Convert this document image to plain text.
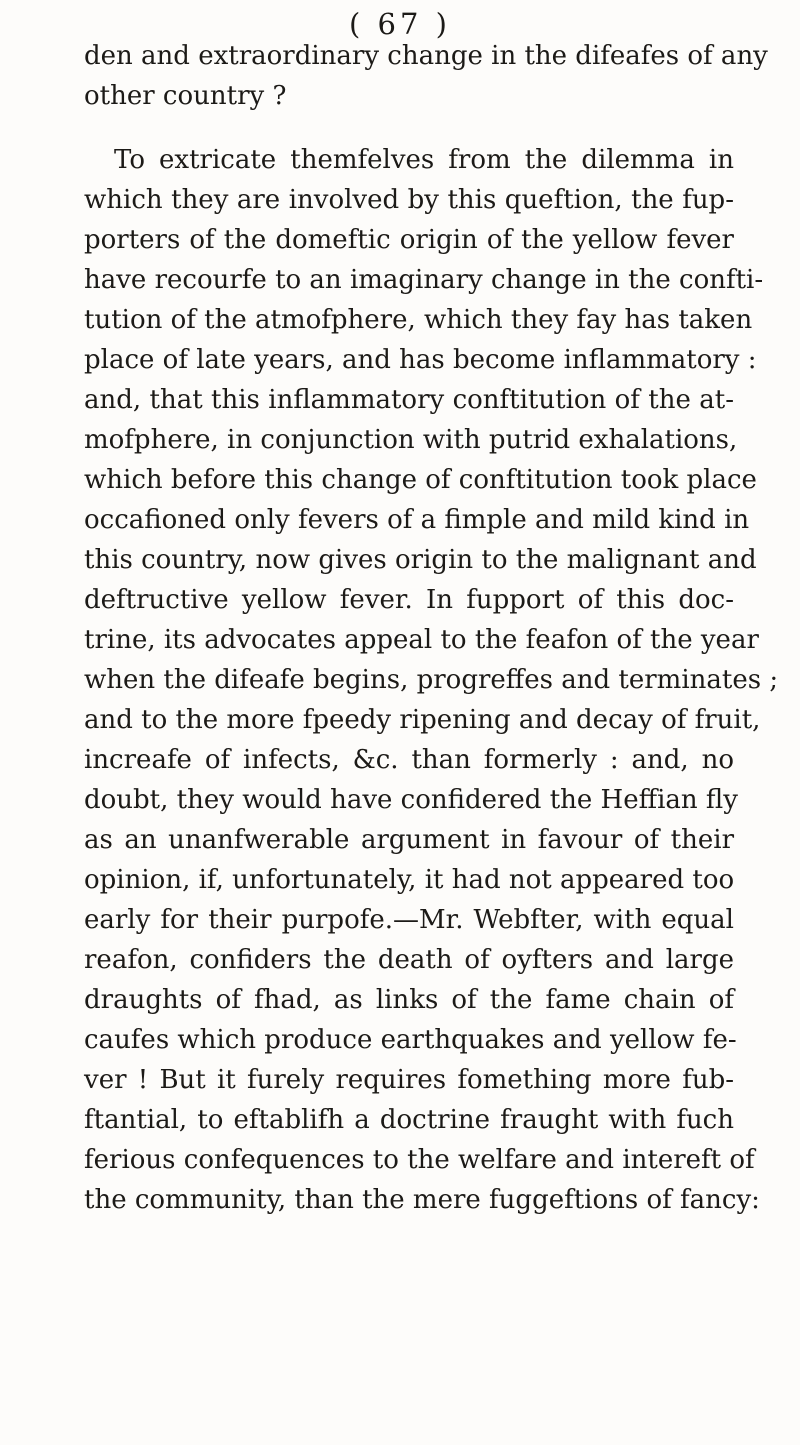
( 67 )
den and extraordinary change in the difeafes of any
other country ?
To extricate themfelves from the dilemma in
which they are involved by this queftion, the fup-
porters of the domeftic origin of the yellow fever
have recourfe to an imaginary change in the confti-
tution of the atmofphere, which they fay has taken
place of late years, and has become inflammatory :
and, that this inflammatory conftitution of the at-
mofphere, in conjunction with putrid exhalations,
which before this change of conftitution took place
occafioned only fevers of a fimple and mild kind in
this country, now gives origin to the malignant and
deftructive yellow fever. In fupport of this doc-
trine, its advocates appeal to the feafon of the year
when the difeafe begins, progreffes and terminates ;
and to the more fpeedy ripening and decay of fruit,
increafe of infects, &c. than formerly : and, no
doubt, they would have confidered the Heffian fly
as an unanfwerable argument in favour of their
opinion, if, unfortunately, it had not appeared too
early for their purpofe.—Mr. Webfter, with equal
reafon, confiders the death of oyfters and large
draughts of fhad, as links of the fame chain of
caufes which produce earthquakes and yellow fe-
ver ! But it furely requires fomething more fub-
ftantial, to eftablifh a doctrine fraught with fuch
ferious confequences to the welfare and intereft of
the community, than the mere fuggeftions of fancy:
